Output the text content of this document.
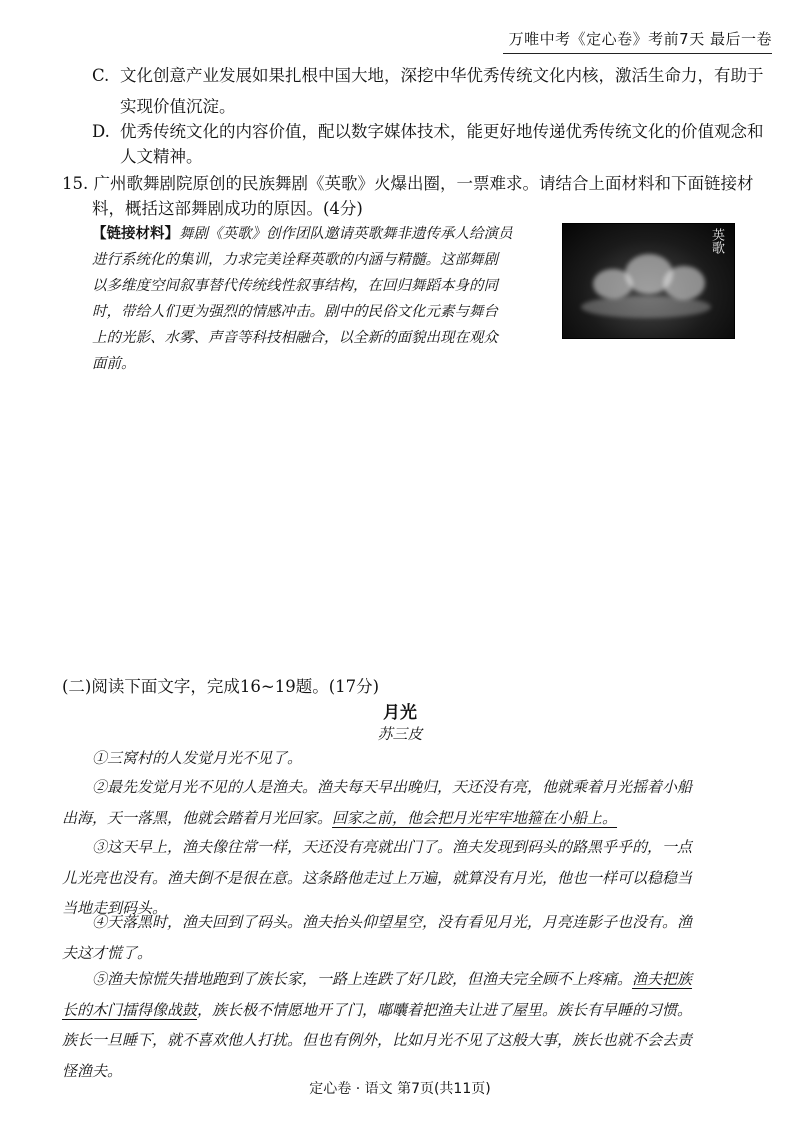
万唯中考《定心卷》考前7天 最后一卷
C. 文化创意产业发展如果扎根中国大地，深挖中华优秀传统文化内核，激活生命力，有助于
实现价值沉淀。
D. 优秀传统文化的内容价值，配以数字媒体技术，能更好地传递优秀传统文化的价值观念和
人文精神。
15. 广州歌舞剧院原创的民族舞剧《英歌》火爆出圈，一票难求。请结合上面材料和下面链接材
料，概括这部舞剧成功的原因。(4分)
【链接材料】舞剧《英歌》创作团队邀请英歌舞非遗传承人给演员
进行系统化的集训，力求完美诠释英歌的内涵与精髓。这部舞剧
以多维度空间叙事替代传统线性叙事结构，在回归舞蹈本身的同
时，带给人们更为强烈的情感冲击。剧中的民俗文化元素与舞台
上的光影、水雾、声音等科技相融合，以全新的面貌出现在观众
面前。
英歌
(二)阅读下面文字，完成16~19题。(17分)
月光
苏三皮
①三窝村的人发觉月光不见了。
②最先发觉月光不见的人是渔夫。渔夫每天早出晚归，天还没有亮，他就乘着月光摇着小船
出海，天一落黑，他就会踏着月光回家。回家之前，他会把月光牢牢地箍在小船上。
③这天早上，渔夫像往常一样，天还没有亮就出门了。渔夫发现到码头的路黑乎乎的，一点
儿光亮也没有。渔夫倒不是很在意。这条路他走过上万遍，就算没有月光，他也一样可以稳稳当
当地走到码头。
④天落黑时，渔夫回到了码头。渔夫抬头仰望星空，没有看见月光，月亮连影子也没有。渔
夫这才慌了。
⑤渔夫惊慌失措地跑到了族长家，一路上连跌了好几跤，但渔夫完全顾不上疼痛。渔夫把族
长的木门擂得像战鼓，族长极不情愿地开了门，嘟囔着把渔夫让进了屋里。族长有早睡的习惯。
族长一旦睡下，就不喜欢他人打扰。但也有例外，比如月光不见了这般大事，族长也就不会去责
怪渔夫。
定心卷 · 语文 第7页(共11页)
